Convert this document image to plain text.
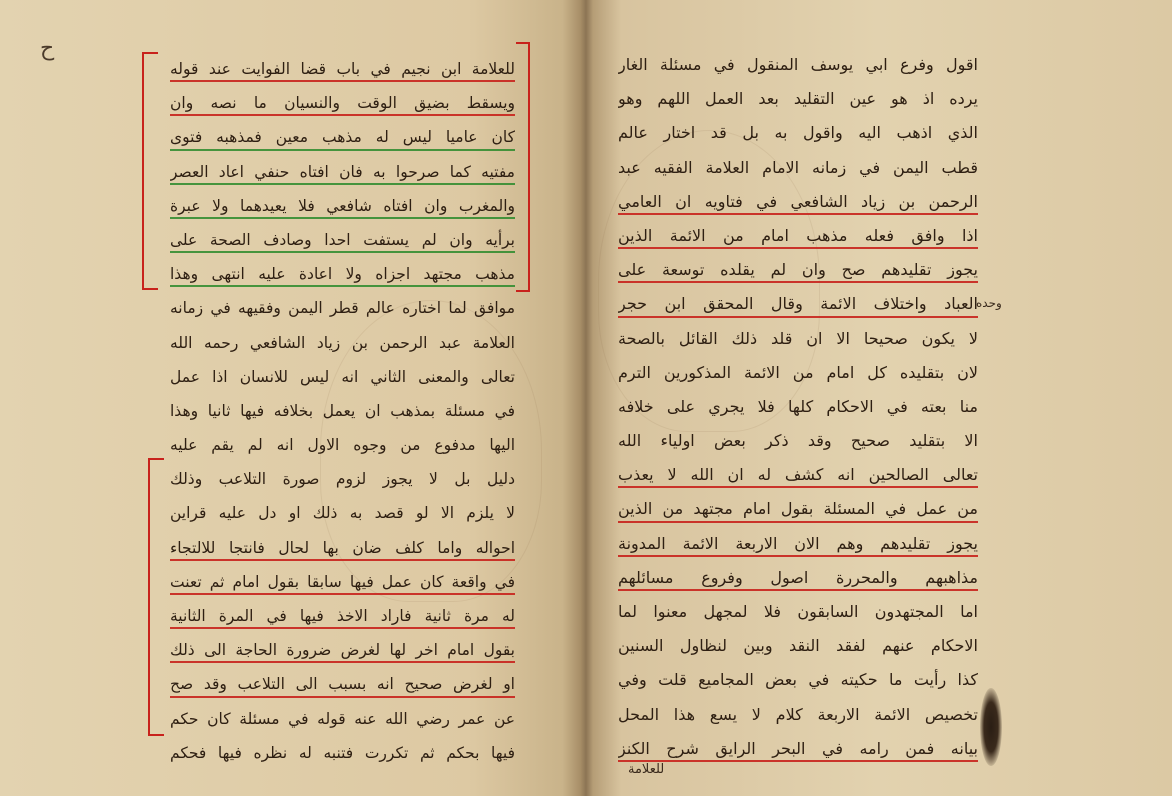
ح
للعلامة ابن نجيم في باب قضا الفوايت عند قوله
ويسقط بضيق الوقت والنسيان ما نصه وان
كان عاميا ليس له مذهب معين فمذهبه فتوى
مفتيه كما صرحوا به فان افتاه حنفي اعاد العصر
والمغرب وان افتاه شافعي فلا يعيدهما ولا عبرة
برأيه وان لم يستفت احدا وصادف الصحة على
مذهب مجتهد اجزاه ولا اعادة عليه انتهى وهذا
موافق لما اختاره عالم قطر اليمن وفقيهه في زمانه
العلامة عبد الرحمن بن زياد الشافعي رحمه الله
تعالى والمعنى الثاني انه ليس للانسان اذا عمل
في مسئلة بمذهب ان يعمل بخلافه فيها ثانيا وهذا
اليها مدفوع من وجوه الاول انه لم يقم عليه
دليل بل لا يجوز لزوم صورة التلاعب وذلك
لا يلزم الا لو قصد به ذلك او دل عليه قراين
احواله واما كلف ضان بها لحال فانتجا للالتجاء
في واقعة كان عمل فيها سابقا بقول امام ثم تعنت
له مرة ثانية فاراد الاخذ فيها في المرة الثانية
بقول امام اخر لها لغرض ضرورة الحاجة الى ذلك
او لغرض صحيح انه بسبب الى التلاعب وقد صح
عن عمر رضي الله عنه قوله في مسئلة كان حكم
فيها بحكم ثم تكررت فتنبه له نظره فيها فحكم
اقول وفرع ابي يوسف المنقول في مسئلة الغار
يرده اذ هو عين التقليد بعد العمل اللهم وهو
الذي اذهب اليه واقول به بل قد اختار عالم
قطب اليمن في زمانه الامام العلامة الفقيه عبد
الرحمن بن زياد الشافعي في فتاويه ان العامي
اذا وافق فعله مذهب امام من الائمة الذين
يجوز تقليدهم صح وان لم يقلده توسعة على
العباد واختلاف الائمة وقال المحقق ابن حجر
لا يكون صحيحا الا ان قلد ذلك القائل بالصحة
لان بتقليده كل امام من الائمة المذكورين الترم
منا بعته في الاحكام كلها فلا يجري على خلافه
الا بتقليد صحيح وقد ذكر بعض اولياء الله
تعالى الصالحين انه كشف له ان الله لا يعذب
من عمل في المسئلة بقول امام مجتهد من الذين
يجوز تقليدهم وهم الان الاربعة الائمة المدونة
مذاهبهم والمحررة اصول وفروع مسائلهم
اما المجتهدون السابقون فلا لمجهل معنوا لما
الاحكام عنهم لفقد النقد وبين لنظاول السنين
كذا رأيت ما حكيته في بعض المجاميع قلت وفي
تخصيص الائمة الاربعة كلام لا يسع هذا المحل
بيانه فمن رامه في البحر الرايق شرح الكنز
وحده
للعلامة
